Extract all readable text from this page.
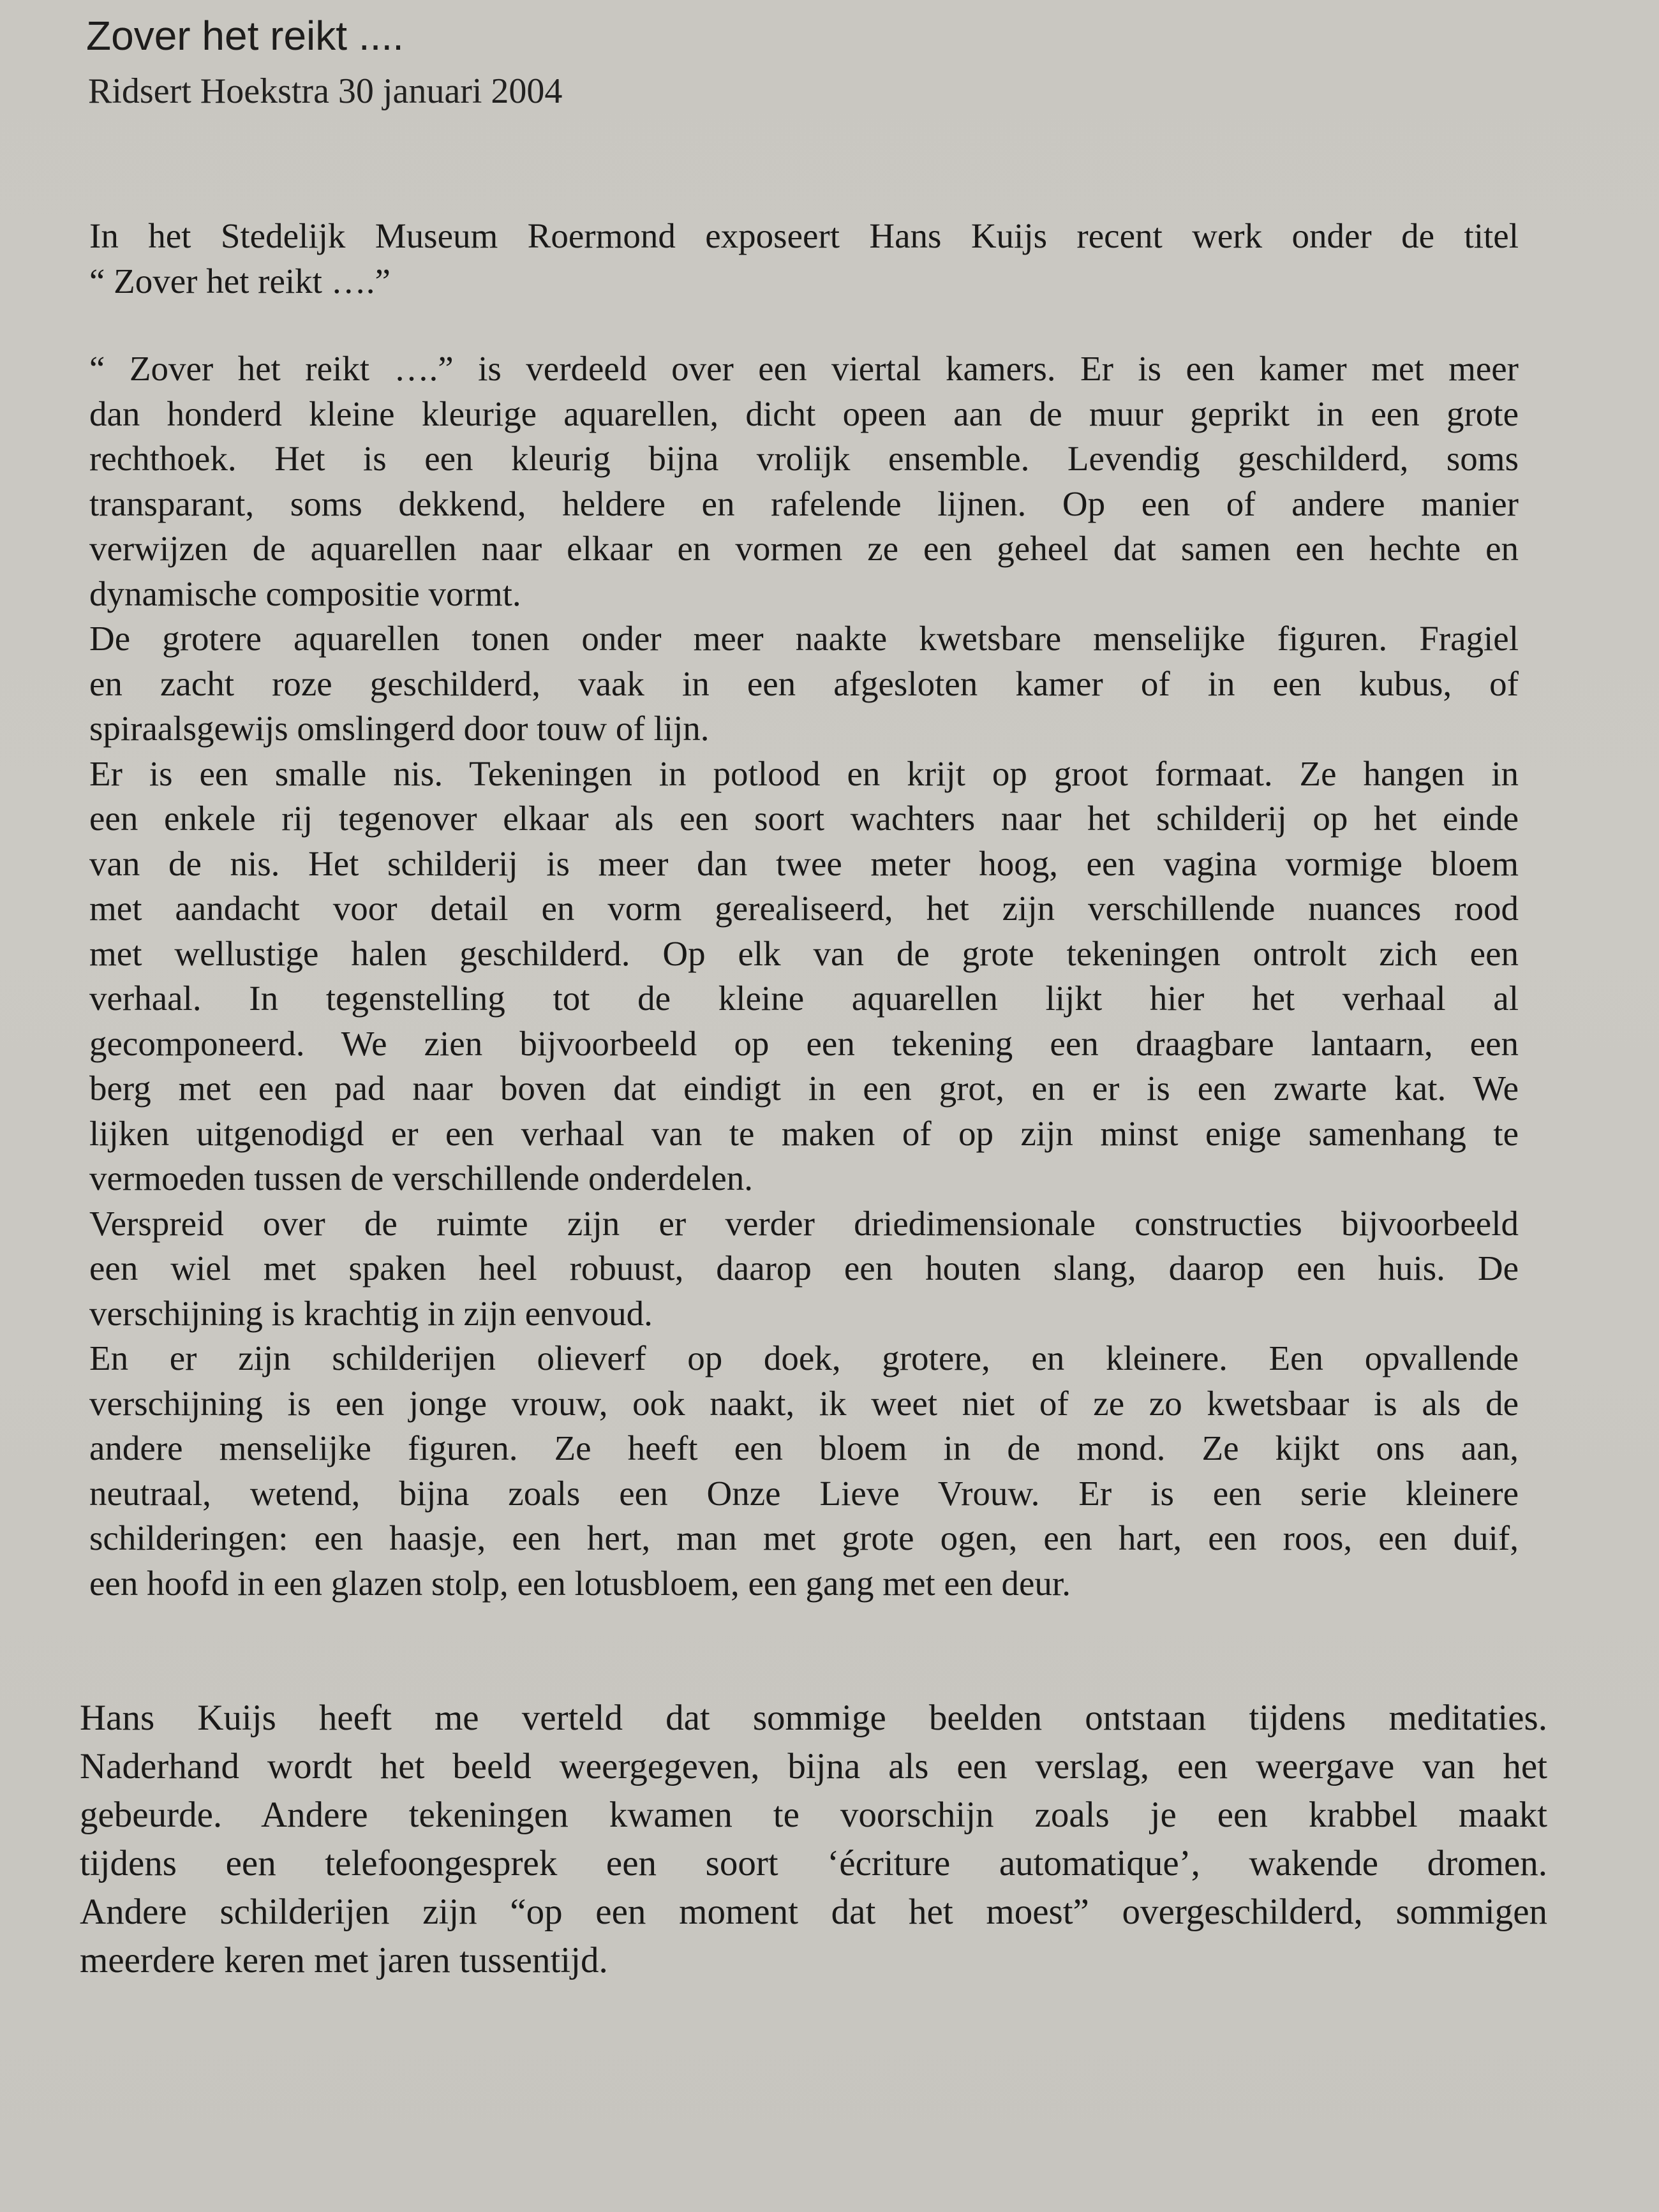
Zover het reikt ....
Ridsert Hoekstra 30 januari 2004
In het Stedelijk Museum Roermond exposeert Hans Kuijs recent werk onder de titel
“ Zover het reikt ….”

“ Zover het reikt ….” is verdeeld over een viertal kamers. Er is een kamer met meer
dan honderd kleine kleurige aquarellen, dicht opeen aan de muur geprikt in een grote
rechthoek. Het is een kleurig bijna vrolijk ensemble. Levendig geschilderd, soms
transparant, soms dekkend, heldere en rafelende lijnen. Op een of andere manier
verwijzen de aquarellen naar elkaar en vormen ze een geheel dat samen een hechte en
dynamische compositie vormt.

De grotere aquarellen tonen onder meer naakte kwetsbare menselijke figuren. Fragiel
en zacht roze geschilderd, vaak in een afgesloten kamer of in een kubus, of
spiraalsgewijs omslingerd door touw of lijn.

Er is een smalle nis. Tekeningen in potlood en krijt op groot formaat. Ze hangen in
een enkele rij tegenover elkaar als een soort wachters naar het schilderij op het einde
van de nis. Het schilderij is meer dan twee meter hoog, een vagina vormige bloem
met aandacht voor detail en vorm gerealiseerd, het zijn verschillende nuances rood
met wellustige halen geschilderd. Op elk van de grote tekeningen ontrolt zich een
verhaal. In tegenstelling tot de kleine aquarellen lijkt hier het verhaal al
gecomponeerd. We zien bijvoorbeeld op een tekening een draagbare lantaarn, een
berg met een pad naar boven dat eindigt in een grot, en er is een zwarte kat. We
lijken uitgenodigd er een verhaal van te maken of op zijn minst enige samenhang te
vermoeden tussen de verschillende onderdelen.

Verspreid over de ruimte zijn er verder driedimensionale constructies bijvoorbeeld
een wiel met spaken heel robuust, daarop een houten slang, daarop een huis. De
verschijning is krachtig in zijn eenvoud.

En er zijn schilderijen olieverf op doek, grotere, en kleinere. Een opvallende
verschijning is een jonge vrouw, ook naakt, ik weet niet of ze zo kwetsbaar is als de
andere menselijke figuren. Ze heeft een bloem in de mond. Ze kijkt ons aan,
neutraal, wetend, bijna zoals een Onze Lieve Vrouw. Er is een serie kleinere
schilderingen: een haasje, een hert, man met grote ogen, een hart, een roos, een duif,
een hoofd in een glazen stolp, een lotusbloem, een gang met een deur.

Hans Kuijs heeft me verteld dat sommige beelden ontstaan tijdens meditaties.
Naderhand wordt het beeld weergegeven, bijna als een verslag, een weergave van het
gebeurde. Andere tekeningen kwamen te voorschijn zoals je een krabbel maakt
tijdens een telefoongesprek een soort ‘écriture automatique’, wakende dromen.
Andere schilderijen zijn “op een moment dat het moest” overgeschilderd, sommigen
meerdere keren met jaren tussentijd.
